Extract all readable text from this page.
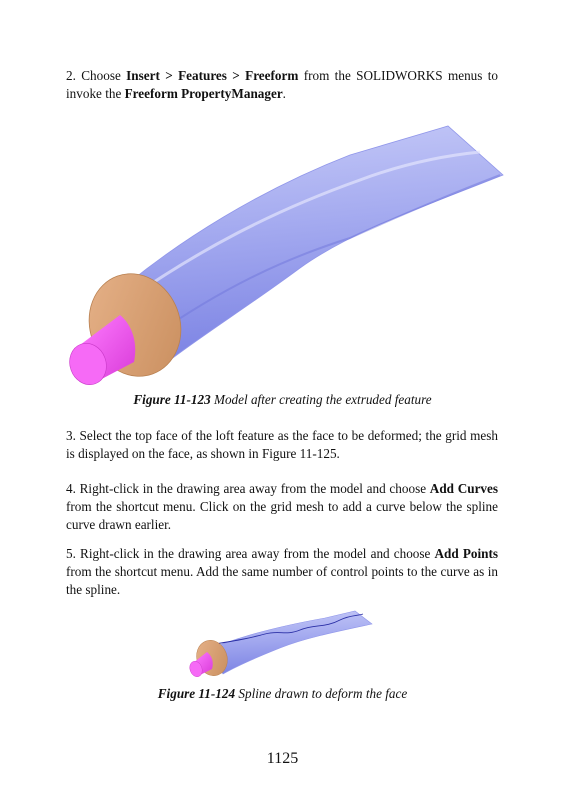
2. Choose Insert > Features > Freeform from the SOLIDWORKS menus to invoke the Freeform PropertyManager.
Figure 11-123 Model after creating the extruded feature
3. Select the top face of the loft feature as the face to be deformed; the grid mesh is displayed on the face, as shown in Figure 11-125.
4. Right-click in the drawing area away from the model and choose Add Curves from the shortcut menu. Click on the grid mesh to add a curve below the spline curve drawn earlier.
5. Right-click in the drawing area away from the model and choose Add Points from the shortcut menu. Add the same number of control points to the curve as in the spline.
Figure 11-124 Spline drawn to deform the face
1125
